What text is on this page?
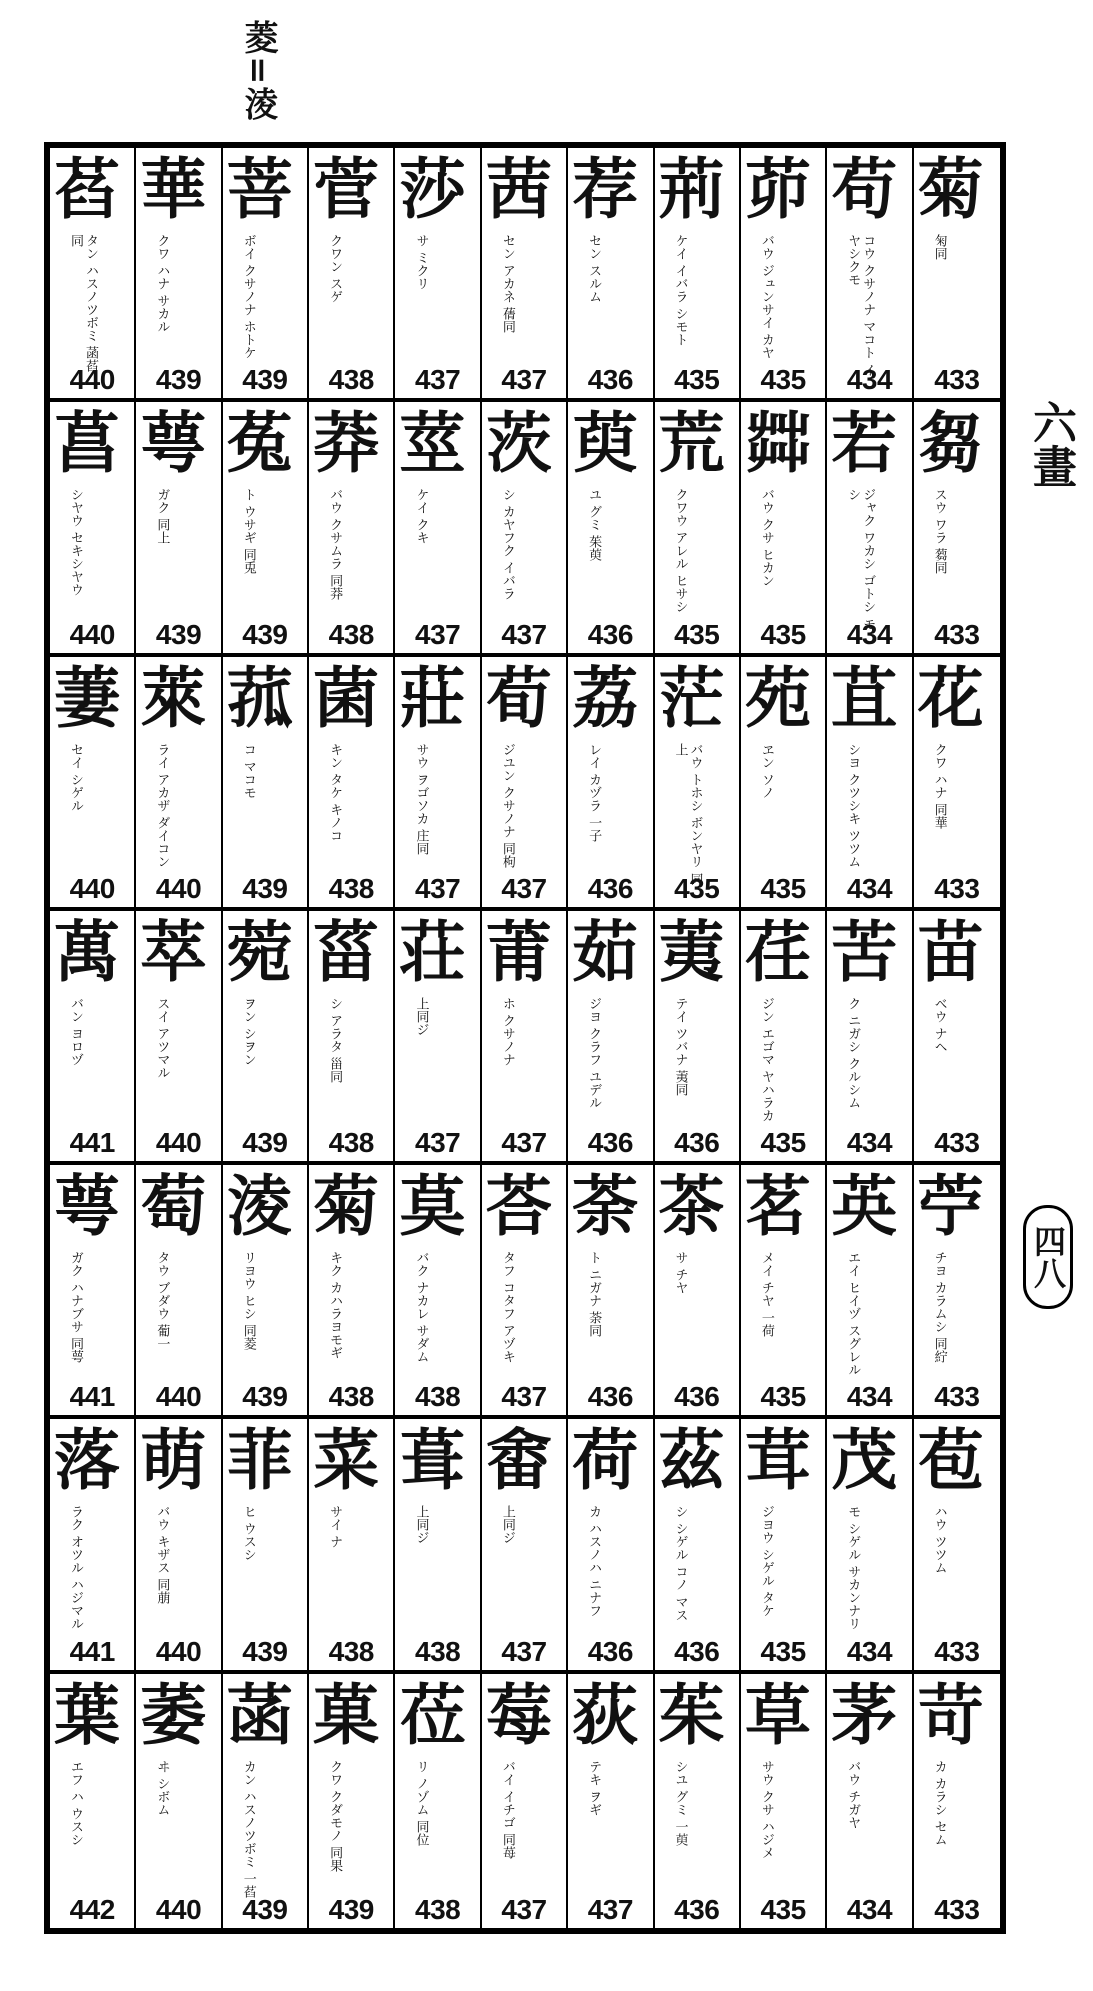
菱=淩
菊
匊同
433
苟
コウ クサノナ マコト イヤシクモ
434
茆
バウ ジュンサイ カヤ
435
荊
ケイ イバラ シモト
435
荐
セン スルム
436
茜
セン アカネ 蒨同
437
莎
サ ミクリ
437
菅
クワン スゲ
438
菩
ボイ クサノナ ホトケ
439
華
クワ ハナ サカル
439
萏
タン ハスノツボミ 菡萏同
440
芻
スウ ワラ 蒭同
433
若
ジャク ワカシ ゴトシ モシ
434
茻
バウ クサ ヒカン
435
荒
クワウ アレル ヒサシ
435
萸
ユ グミ 茱萸
436
茨
シ カヤフク イバラ
437
莖
ケイ クキ
437
莽
バウ クサムラ 同莽
438
菟
ト ウサギ 同兎
439
萼
ガク 同上
439
菖
シヤウ セキシヤウ
440
花
クワ ハナ 同華
433
苴
シヨ クツシキ ツツム
434
苑
ヱン ソノ
435
茫
バウ トホシ ボンヤリ 同上
435
荔
レイ カヅラ 一子
436
荀
ジユン クサノナ 同枸
437
莊
サウ ヲゴソカ 庄同
437
菌
キン タケ キノコ
438
菰
コ マコモ
439
萊
ライ アカザ ダイコン
440
萋
セイ シゲル
440
苗
ベウ ナヘ
433
苦
ク ニガシ クルシム
434
荏
ジン エゴマ ヤハラカ
435
荑
テイ ツバナ 荑同
436
茹
ジヨ クラフ ユデル
436
莆
ホ クサノナ
437
荘
上同ジ
437
菑
シ アラタ 甾同
438
菀
ヲン シヲン
439
萃
スイ アツマル
440
萬
バン ヨロヅ
441
苧
チヨ カラムシ 同紵
433
英
エイ ヒイヅ スグレル
434
茗
メイ チヤ 一荷
435
茶
サ チヤ
436
荼
ト ニガナ 荼同
436
荅
タフ コタフ アヅキ
437
莫
バク ナカレ サダム
438
菊
キク カハラヨモギ
438
淩
リヨウ ヒシ 同菱
439
萄
タウ ブダウ 葡一
440
萼
ガク ハナブサ 同萼
441
苞
ハウ ツツム
433
茂
モ シゲル サカンナリ
434
茸
ジヨウ シゲル タケ
435
茲
シ シゲル コノ マス
436
荷
カ ハスノハ ニナフ
436
畬
上同ジ
437
葺
上同ジ
438
菜
サイ ナ
438
菲
ヒ ウスシ
439
萌
バウ キザス 同萠
440
落
ラク オツル ハジマル
441
苛
カ カラシ セム
433
茅
バウ チガヤ
434
草
サウ クサ ハジメ
435
茱
シユ グミ 一萸
436
荻
テキ ヲギ
437
莓
バイ イチゴ 同苺
437
莅
リ ノゾム 同位
438
菓
クワ クダモノ 同果
439
菡
カン ハスノツボミ 一萏
439
萎
ヰ シボム
440
葉
エフ ハ ウスシ
442
六畫
四八
